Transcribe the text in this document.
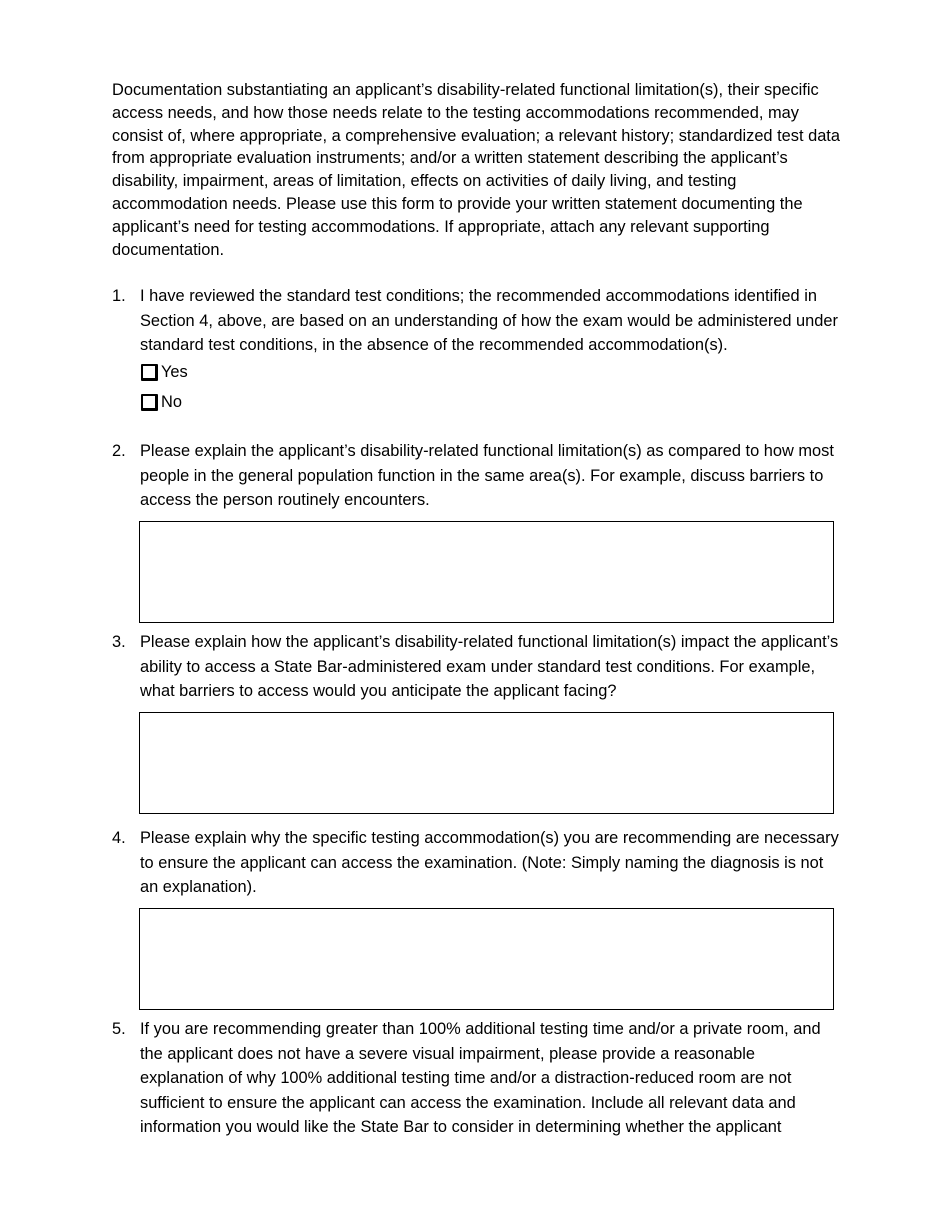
Documentation substantiating an applicant’s disability-related functional limitation(s), their specific access needs, and how those needs relate to the testing accommodations recommended, may consist of, where appropriate, a comprehensive evaluation; a relevant history; standardized test data from appropriate evaluation instruments; and/or a written statement describing the applicant’s disability, impairment, areas of limitation, effects on activities of daily living, and testing accommodation needs. Please use this form to provide your written statement documenting the applicant’s need for testing accommodations. If appropriate, attach any relevant supporting documentation.

1. I have reviewed the standard test conditions; the recommended accommodations identified in Section 4, above, are based on an understanding of how the exam would be administered under standard test conditions, in the absence of the recommended accommodation(s).

Yes
No
2. Please explain the applicant’s disability-related functional limitation(s) as compared to how most people in the general population function in the same area(s). For example, discuss barriers to access the person routinely encounters.

3. Please explain how the applicant’s disability-related functional limitation(s) impact the applicant’s ability to access a State Bar-administered exam under standard test conditions. For example, what barriers to access would you anticipate the applicant facing?

4. Please explain why the specific testing accommodation(s) you are recommending are necessary to ensure the applicant can access the examination. (Note: Simply naming the diagnosis is not an explanation).

5. If you are recommending greater than 100% additional testing time and/or a private room, and the applicant does not have a severe visual impairment, please provide a reasonable explanation of why 100% additional testing time and/or a distraction-reduced room are not sufficient to ensure the applicant can access the examination. Include all relevant data and information you would like the State Bar to consider in determining whether the applicant
